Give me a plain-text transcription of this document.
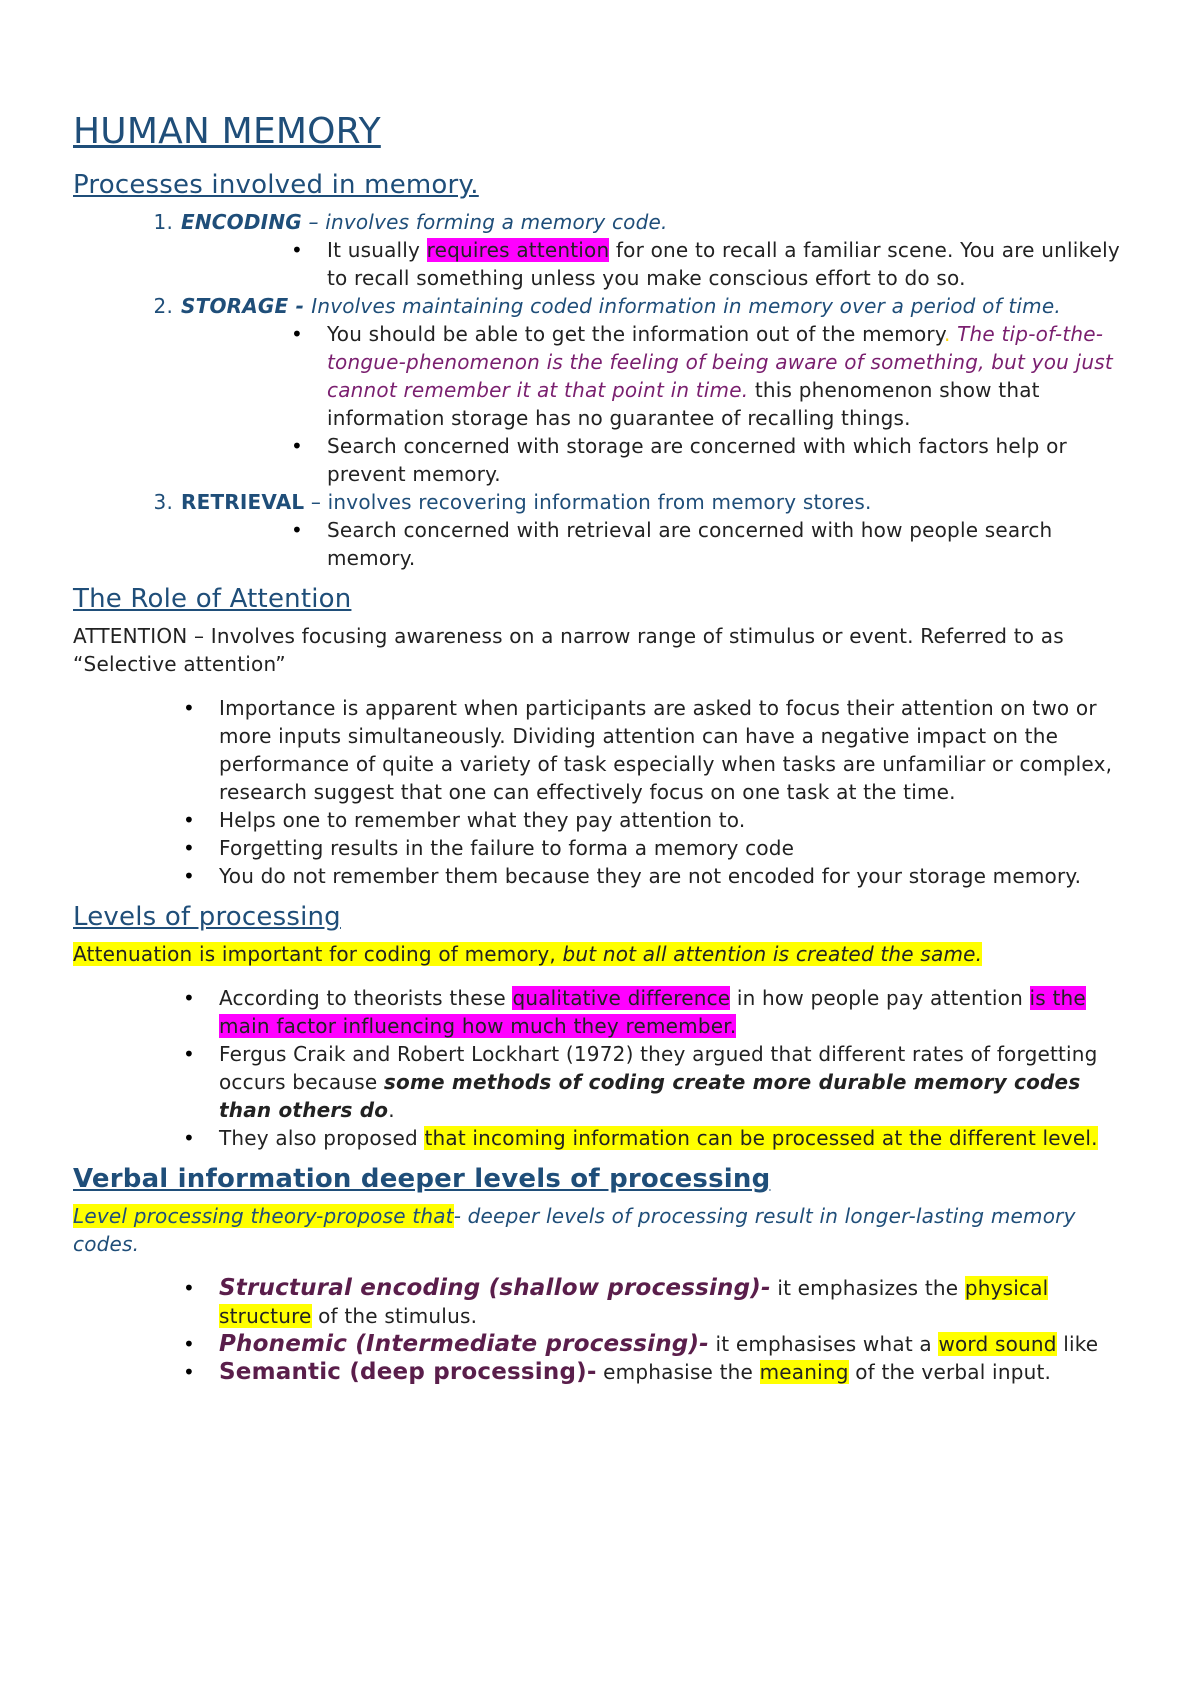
HUMAN MEMORY
Processes involved in memory.
1. ENCODING – involves forming a memory code.
• It usually requires attention for one to recall a familiar scene. You are unlikely to recall something unless you make conscious effort to do so.
2. STORAGE - Involves maintaining coded information in memory over a period of time.
• You should be able to get the information out of the memory. The tip-of-the-tongue-phenomenon is the feeling of being aware of something, but you just cannot remember it at that point in time. this phenomenon show that information storage has no guarantee of recalling things.
• Search concerned with storage are concerned with which factors help or prevent memory.
3. RETRIEVAL – involves recovering information from memory stores.
• Search concerned with retrieval are concerned with how people search memory.
The Role of Attention

ATTENTION – Involves focusing awareness on a narrow range of stimulus or event. Referred to as “Selective attention”

• Importance is apparent when participants are asked to focus their attention on two or more inputs simultaneously. Dividing attention can have a negative impact on the performance of quite a variety of task especially when tasks are unfamiliar or complex, research suggest that one can effectively focus on one task at the time.
• Helps one to remember what they pay attention to.
• Forgetting results in the failure to forma a memory code
• You do not remember them because they are not encoded for your storage memory.
Levels of processing

Attenuation is important for coding of memory, but not all attention is created the same.

• According to theorists these qualitative difference in how people pay attention is the main factor influencing how much they remember.
• Fergus Craik and Robert Lockhart (1972) they argued that different rates of forgetting occurs because some methods of coding create more durable memory codes than others do.
• They also proposed that incoming information can be processed at the different level.
Verbal information deeper levels of processing

Level processing theory-propose that- deeper levels of processing result in longer-lasting memory codes.

• Structural encoding (shallow processing)- it emphasizes the physical structure of the stimulus.
• Phonemic (Intermediate processing)- it emphasises what a word sound like
• Semantic (deep processing)- emphasise the meaning of the verbal input.
